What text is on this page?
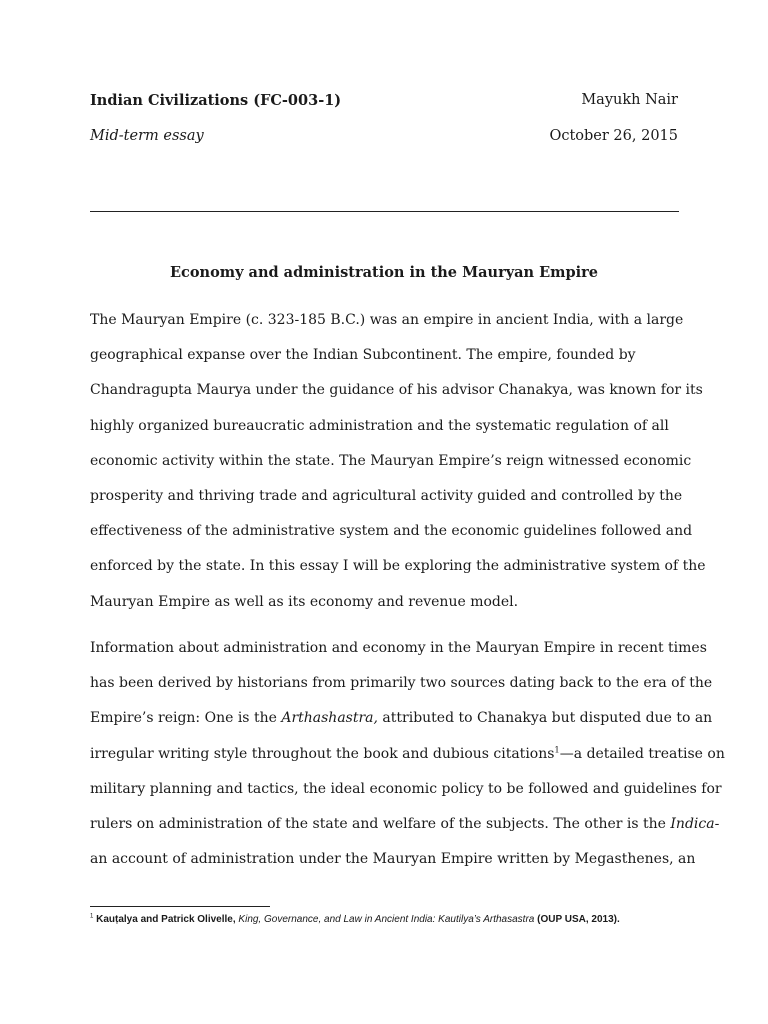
Indian Civilizations (FC-003-1)	Mayukh Nair
Mid-term essay	October 26, 2015
Economy and administration in the Mauryan Empire

The Mauryan Empire (c. 323-185 B.C.) was an empire in ancient India, with a large
geographical expanse over the Indian Subcontinent. The empire, founded by
Chandragupta Maurya under the guidance of his advisor Chanakya, was known for its
highly organized bureaucratic administration and the systematic regulation of all
economic activity within the state. The Mauryan Empire’s reign witnessed economic
prosperity and thriving trade and agricultural activity guided and controlled by the
effectiveness of the administrative system and the economic guidelines followed and
enforced by the state. In this essay I will be exploring the administrative system of the
Mauryan Empire as well as its economy and revenue model.

Information about administration and economy in the Mauryan Empire in recent times
has been derived by historians from primarily two sources dating back to the era of the
Empire’s reign: One is the Arthashastra, attributed to Chanakya but disputed due to an
irregular writing style throughout the book and dubious citations$^1$—a detailed treatise on
military planning and tactics, the ideal economic policy to be followed and guidelines for
rulers on administration of the state and welfare of the subjects. The other is the Indica-
an account of administration under the Mauryan Empire written by Megasthenes, an

$^1$ Kauṭalya and Patrick Olivelle, King, Governance, and Law in Ancient India: Kautilya’s Arthasastra (OUP USA, 2013).
